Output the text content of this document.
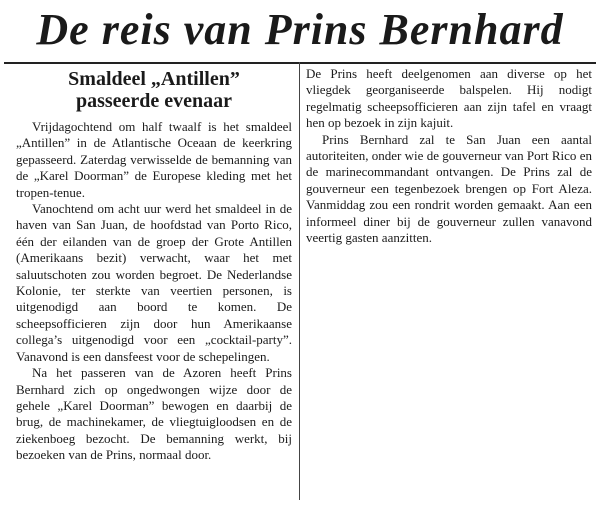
De reis van Prins Bernhard
Smaldeel „Antillen”
passeerde evenaar

Vrijdagochtend om half twaalf is het smaldeel „Antillen” in de Atlantische Oceaan de keerkring gepasseerd. Zaterdag verwisselde de bemanning van de „Karel Doorman” de Europese kleding met het tropen-tenue.

Vanochtend om acht uur werd het smaldeel in de haven van San Juan, de hoofdstad van Porto Rico, één der eilanden van de groep der Grote Antillen (Amerikaans bezit) verwacht, waar het met saluutschoten zou worden begroet. De Nederlandse Kolonie, ter sterkte van veertien personen, is uitgenodigd aan boord te komen. De scheepsofficieren zijn door hun Amerikaanse collega’s uitgenodigd voor een „cocktail-party”. Vanavond is een dansfeest voor de schepelingen.

Na het passeren van de Azoren heeft Prins Bernhard zich op ongedwongen wijze door de gehele „Karel Doorman” bewogen en daarbij de brug, de machinekamer, de vliegtuigloodsen en de ziekenboeg bezocht. De bemanning werkt, bij bezoeken van de Prins, normaal door.

De Prins heeft deelgenomen aan diverse op het vliegdek georganiseerde balspelen. Hij nodigt regelmatig scheepsofficieren aan zijn tafel en vraagt hen op bezoek in zijn kajuit.

Prins Bernhard zal te San Juan een aantal autoriteiten, onder wie de gouverneur van Port Rico en de marinecommandant ontvangen. De Prins zal de gouverneur een tegenbezoek brengen op Fort Aleza. Vanmiddag zou een rondrit worden gemaakt. Aan een informeel diner bij de gouverneur zullen vanavond veertig gasten aanzitten.
